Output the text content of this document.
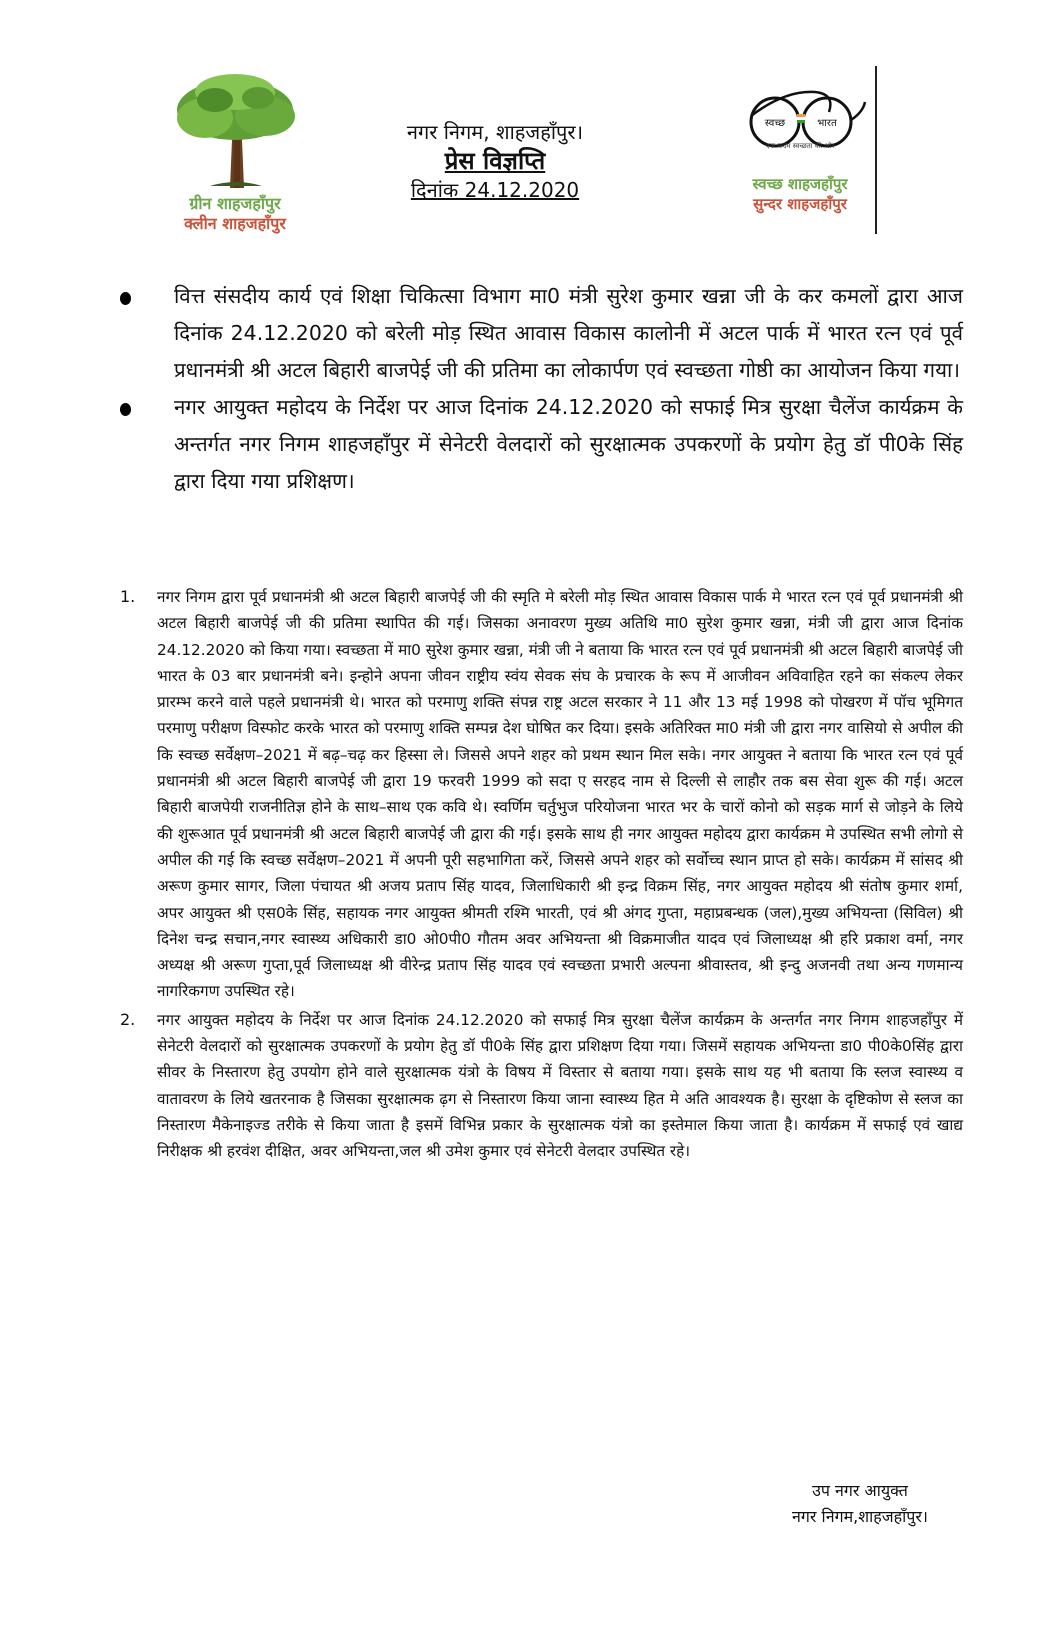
ग्रीन शाहजहाँपुर
क्लीन शाहजहाँपुर
नगर निगम, शाहजहाँपुर।
प्रेस विज्ञप्ति
दिनांक 24.12.2020
स्वच्छ	भारत
एक कदम स्वच्छता की ओर
स्वच्छ शाहजहाँपुर
सुन्दर शाहजहाँपुर
वित्त संसदीय कार्य एवं शिक्षा चिकित्सा विभाग मा0 मंत्री सुरेश कुमार खन्ना जी के कर कमलों द्वारा आज दिनांक 24.12.2020 को बरेली मोड़ स्थित आवास विकास कालोनी में अटल पार्क में भारत रत्न एवं पूर्व प्रधानमंत्री श्री अटल बिहारी बाजपेई जी की प्रतिमा का लोकार्पण एवं स्वच्छता गोष्ठी का आयोजन किया गया।
नगर आयुक्त महोदय के निर्देश पर आज दिनांक 24.12.2020 को सफाई मित्र सुरक्षा चैलेंज कार्यक्रम के अन्तर्गत नगर निगम शाहजहाँपुर में सेनेटरी वेलदारों को सुरक्षात्मक उपकरणों के प्रयोग हेतु डॉ पी0के सिंह द्वारा दिया गया प्रशिक्षण।
1. नगर निगम द्वारा पूर्व प्रधानमंत्री श्री अटल बिहारी बाजपेई जी की स्मृति मे बरेली मोड़ स्थित आवास विकास पार्क मे भारत रत्न एवं पूर्व प्रधानमंत्री श्री अटल बिहारी बाजपेई जी की प्रतिमा स्थापित की गई। जिसका अनावरण मुख्य अतिथि मा0 सुरेश कुमार खन्ना, मंत्री जी द्वारा आज दिनांक 24.12.2020 को किया गया। स्वच्छता में मा0 सुरेश कुमार खन्ना, मंत्री जी ने बताया कि भारत रत्न एवं पूर्व प्रधानमंत्री श्री अटल बिहारी बाजपेई जी भारत के 03 बार प्रधानमंत्री बने। इन्होने अपना जीवन राष्ट्रीय स्वंय सेवक संघ के प्रचारक के रूप में आजीवन अविवाहित रहने का संकल्प लेकर प्रारम्भ करने वाले पहले प्रधानमंत्री थे। भारत को परमाणु शक्ति संपन्न राष्ट्र अटल सरकार ने 11 और 13 मई 1998 को पोखरण में पॉच भूमिगत परमाणु परीक्षण विस्फोट करके भारत को परमाणु शक्ति सम्पन्न देश घोषित कर दिया। इसके अतिरिक्त मा0 मंत्री जी द्वारा नगर वासियो से अपील की कि स्वच्छ सर्वेक्षण–2021 में बढ़–चढ़ कर हिस्सा ले। जिससे अपने शहर को प्रथम स्थान मिल सके। नगर आयुक्त ने बताया कि भारत रत्न एवं पूर्व प्रधानमंत्री श्री अटल बिहारी बाजपेई जी द्वारा 19 फरवरी 1999 को सदा ए सरहद नाम से दिल्ली से लाहौर तक बस सेवा शुरू की गई। अटल बिहारी बाजपेयी राजनीतिज्ञ होने के साथ–साथ एक कवि थे। स्वर्णिम चर्तुभुज परियोजना भारत भर के चारों कोनो को सड़क मार्ग से जोड़ने के लिये की शुरूआत पूर्व प्रधानमंत्री श्री अटल बिहारी बाजपेई जी द्वारा की गई। इसके साथ ही नगर आयुक्त महोदय द्वारा कार्यक्रम मे उपस्थित सभी लोगो से अपील की गई कि स्वच्छ सर्वेक्षण–2021 में अपनी पूरी सहभागिता करें, जिससे अपने शहर को सर्वोच्च स्थान प्राप्त हो सके। कार्यक्रम में सांसद श्री अरूण कुमार सागर, जिला पंचायत श्री अजय प्रताप सिंह यादव, जिलाधिकारी श्री इन्द्र विक्रम सिंह, नगर आयुक्त महोदय श्री संतोष कुमार शर्मा, अपर आयुक्त श्री एस0के सिंह, सहायक नगर आयुक्त श्रीमती रश्मि भारती, एवं श्री अंगद गुप्ता, महाप्रबन्धक (जल),मुख्य अभियन्ता (सिविल) श्री दिनेश चन्द्र सचान,नगर स्वास्थ्य अधिकारी डा0 ओ0पी0 गौतम अवर अभियन्ता श्री विक्रमाजीत यादव एवं जिलाध्यक्ष श्री हरि प्रकाश वर्मा, नगर अध्यक्ष श्री अरूण गुप्ता,पूर्व जिलाध्यक्ष श्री वीरेन्द्र प्रताप सिंह यादव एवं स्वच्छता प्रभारी अल्पना श्रीवास्तव, श्री इन्दु अजनवी तथा अन्य गणमान्य नागरिकगण उपस्थित रहे।
2. नगर आयुक्त महोदय के निर्देश पर आज दिनांक 24.12.2020 को सफाई मित्र सुरक्षा चैलेंज कार्यक्रम के अन्तर्गत नगर निगम शाहजहाँपुर में सेनेटरी वेलदारों को सुरक्षात्मक उपकरणों के प्रयोग हेतु डॉ पी0के सिंह द्वारा प्रशिक्षण दिया गया। जिसमें सहायक अभियन्ता डा0 पी0के0सिंह द्वारा सीवर के निस्तारण हेतु उपयोग होने वाले सुरक्षात्मक यंत्रो के विषय में विस्तार से बताया गया। इसके साथ यह भी बताया कि स्लज स्वास्थ्य व वातावरण के लिये खतरनाक है जिसका सुरक्षात्मक ढ़ग से निस्तारण किया जाना स्वास्थ्य हित मे अति आवश्यक है। सुरक्षा के दृष्टिकोण से स्लज का निस्तारण मैकेनाइज्ड तरीके से किया जाता है इसमें विभिन्न प्रकार के सुरक्षात्मक यंत्रो का इस्तेमाल किया जाता है। कार्यक्रम में सफाई एवं खाद्य निरीक्षक श्री हरवंश दीक्षित, अवर अभियन्ता,जल श्री उमेश कुमार एवं सेनेटरी वेलदार उपस्थित रहे।
उप नगर आयुक्त
नगर निगम,शाहजहाँपुर।
